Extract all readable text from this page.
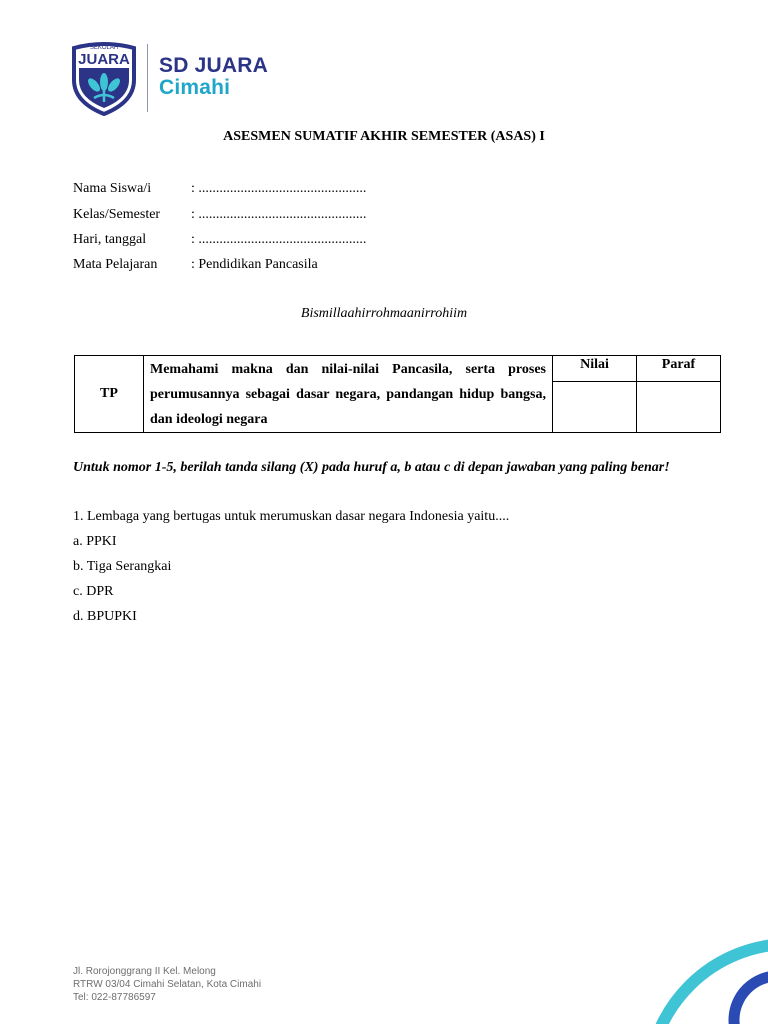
SEKOLAH
JUARA SD JUARA
Cimahi
ASESMEN SUMATIF AKHIR SEMESTER (ASAS) I
Nama Siswa/i	: ................................................
Kelas/Semester : ................................................
Hari, tanggal	: ................................................
Mata Pelajaran : Pendidikan Pancasila
Bismillaahirrohmaanirrohiim
TP	Memahami makna dan nilai-nilai Pancasila, serta proses perumusannya sebagai dasar negara, pandangan hidup bangsa, dan ideologi negara	Nilai	Paraf

Untuk nomor 1-5, berilah tanda silang (X) pada huruf a, b atau c di depan jawaban yang paling benar!
1. Lembaga yang bertugas untuk merumuskan dasar negara Indonesia yaitu....
a. PPKI
b. Tiga Serangkai
c. DPR
d. BPUPKI
Jl. Rorojonggrang II Kel. Melong
RTRW 03/04 Cimahi Selatan, Kota Cimahi
Tel: 022-87786597
